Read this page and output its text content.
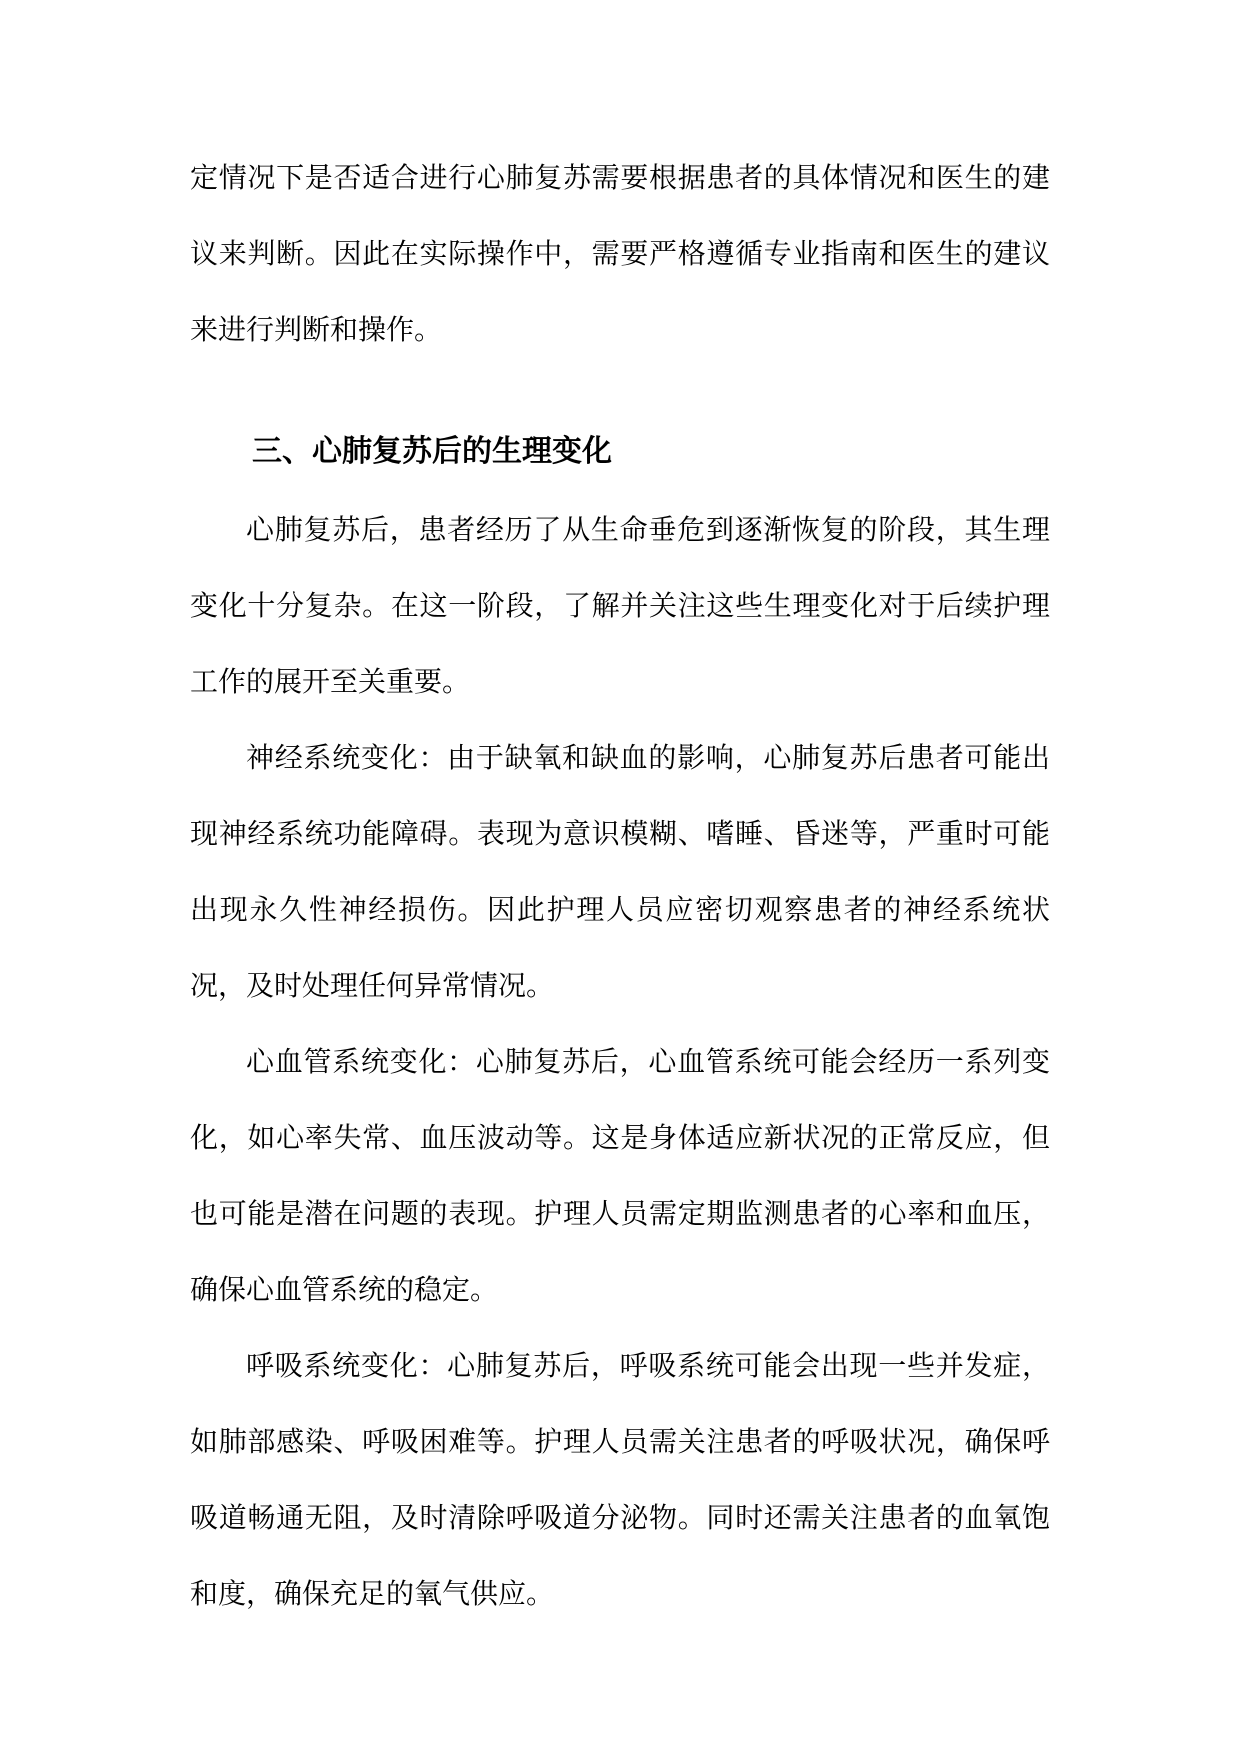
定情况下是否适合进行心肺复苏需要根据患者的具体情况和医生的建议来判断。因此在实际操作中，需要严格遵循专业指南和医生的建议来进行判断和操作。

三、心肺复苏后的生理变化

心肺复苏后，患者经历了从生命垂危到逐渐恢复的阶段，其生理变化十分复杂。在这一阶段，了解并关注这些生理变化对于后续护理工作的展开至关重要。

神经系统变化：由于缺氧和缺血的影响，心肺复苏后患者可能出现神经系统功能障碍。表现为意识模糊、嗜睡、昏迷等，严重时可能出现永久性神经损伤。因此护理人员应密切观察患者的神经系统状况，及时处理任何异常情况。

心血管系统变化：心肺复苏后，心血管系统可能会经历一系列变化，如心率失常、血压波动等。这是身体适应新状况的正常反应，但也可能是潜在问题的表现。护理人员需定期监测患者的心率和血压，确保心血管系统的稳定。

呼吸系统变化：心肺复苏后，呼吸系统可能会出现一些并发症，如肺部感染、呼吸困难等。护理人员需关注患者的呼吸状况，确保呼吸道畅通无阻，及时清除呼吸道分泌物。同时还需关注患者的血氧饱和度，确保充足的氧气供应。
